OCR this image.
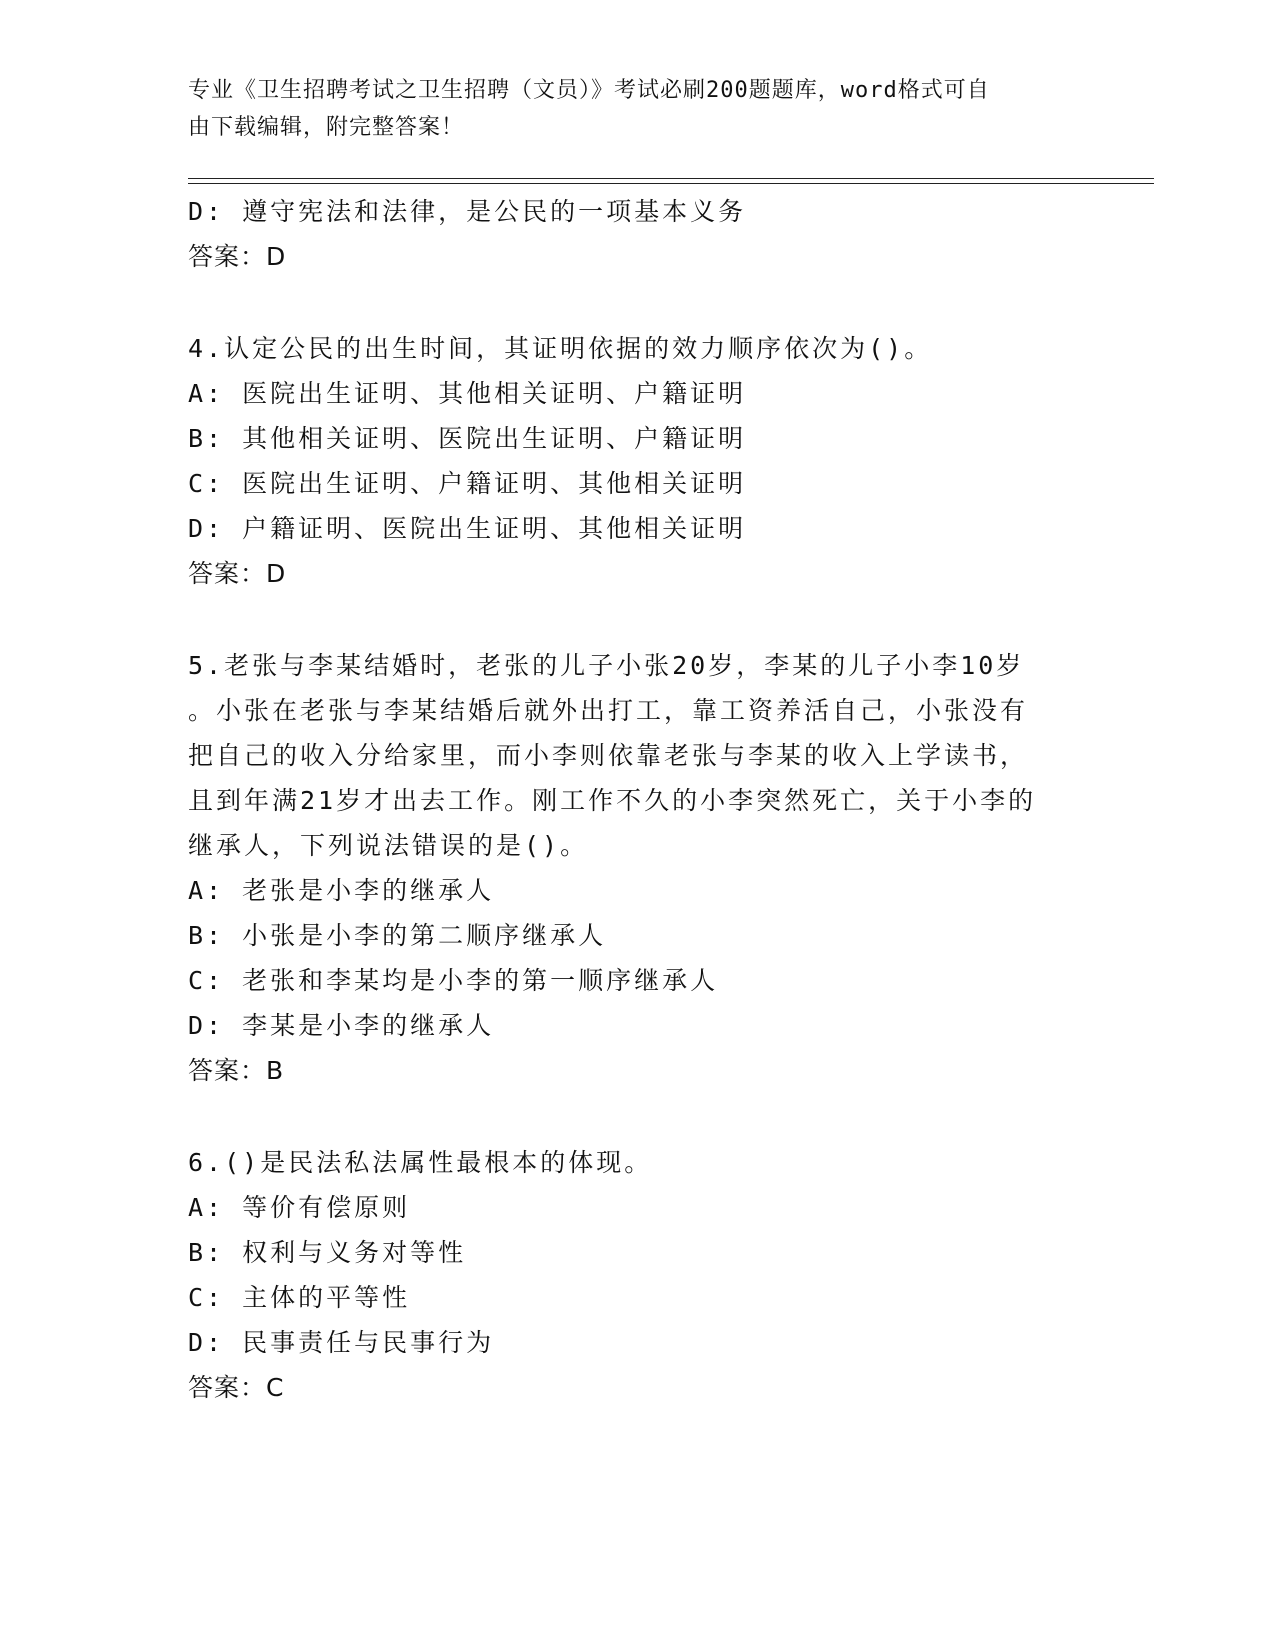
专业《卫生招聘考试之卫生招聘（文员）》考试必刷200题题库，word格式可自
由下载编辑，附完整答案！
D: 遵守宪法和法律，是公民的一项基本义务
答案：D
4.认定公民的出生时间，其证明依据的效力顺序依次为()。
A: 医院出生证明、其他相关证明、户籍证明
B: 其他相关证明、医院出生证明、户籍证明
C: 医院出生证明、户籍证明、其他相关证明
D: 户籍证明、医院出生证明、其他相关证明
答案：D
5.老张与李某结婚时，老张的儿子小张20岁，李某的儿子小李10岁
。小张在老张与李某结婚后就外出打工，靠工资养活自己，小张没有
把自己的收入分给家里，而小李则依靠老张与李某的收入上学读书，
且到年满21岁才出去工作。刚工作不久的小李突然死亡，关于小李的
继承人，下列说法错误的是()。
A: 老张是小李的继承人
B: 小张是小李的第二顺序继承人
C: 老张和李某均是小李的第一顺序继承人
D: 李某是小李的继承人
答案：B
6.()是民法私法属性最根本的体现。
A: 等价有偿原则
B: 权利与义务对等性
C: 主体的平等性
D: 民事责任与民事行为
答案：C
